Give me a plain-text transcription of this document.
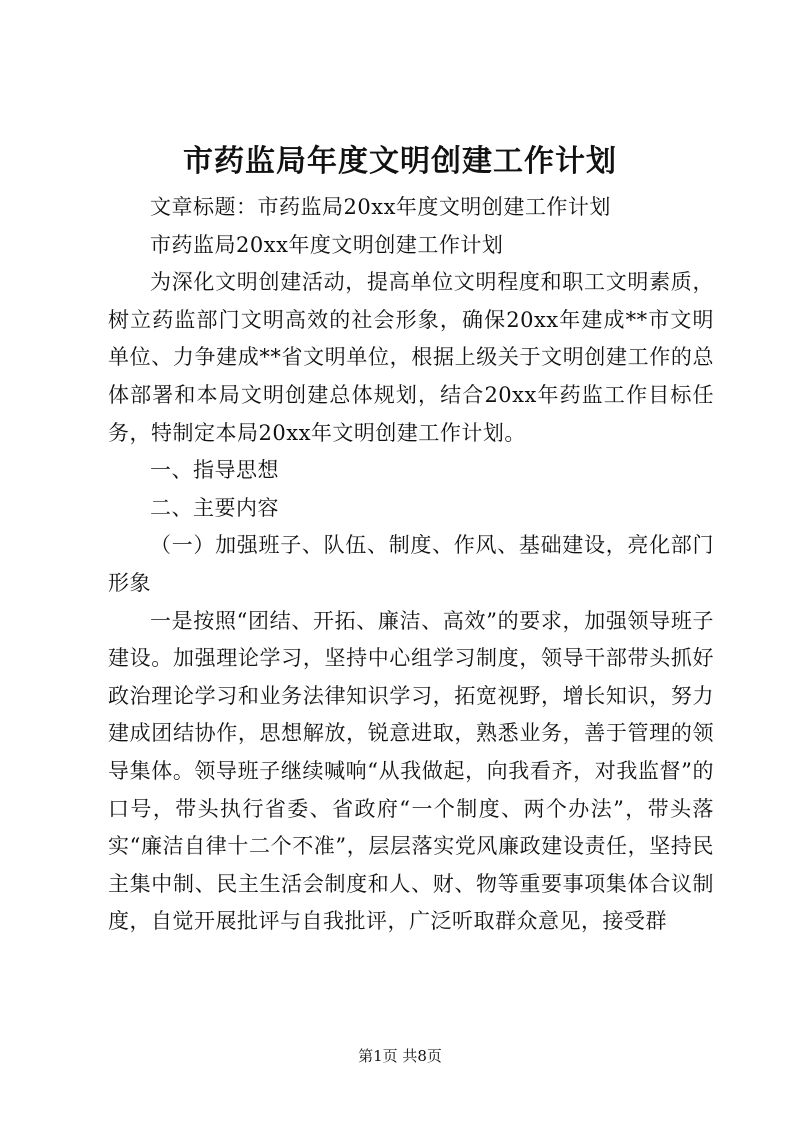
市药监局年度文明创建工作计划

文章标题：市药监局20xx年度文明创建工作计划

市药监局20xx年度文明创建工作计划

为深化文明创建活动，提高单位文明程度和职工文明素质，树立药监部门文明高效的社会形象，确保20xx年建成**市文明单位、力争建成**省文明单位，根据上级关于文明创建工作的总体部署和本局文明创建总体规划，结合20xx年药监工作目标任务，特制定本局20xx年文明创建工作计划。

一、指导思想

二、主要内容

（一）加强班子、队伍、制度、作风、基础建设，亮化部门形象

一是按照“团结、开拓、廉洁、高效”的要求，加强领导班子建设。加强理论学习，坚持中心组学习制度，领导干部带头抓好政治理论学习和业务法律知识学习，拓宽视野，增长知识，努力建成团结协作，思想解放，锐意进取，熟悉业务，善于管理的领导集体。领导班子继续喊响“从我做起，向我看齐，对我监督”的口号，带头执行省委、省政府“一个制度、两个办法”，带头落实“廉洁自律十二个不准”，层层落实党风廉政建设责任，坚持民主集中制、民主生活会制度和人、财、物等重要事项集体合议制度，自觉开展批评与自我批评，广泛听取群众意见，接受群

第1页 共8页
